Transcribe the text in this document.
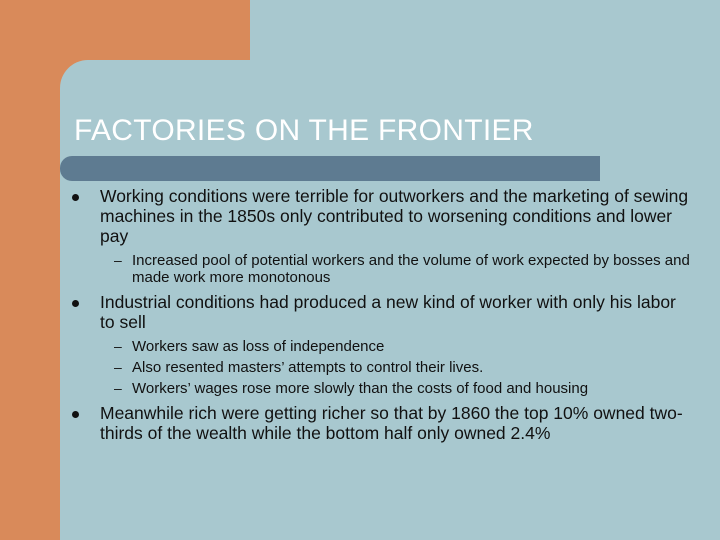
FACTORIES ON THE FRONTIER
Working conditions were terrible for outworkers and the marketing of sewing machines in the 1850s only contributed to worsening conditions and lower pay
– Increased pool of potential workers and the volume of work expected by bosses and made work more monotonous
Industrial conditions had produced a new kind of worker with only his labor to sell
– Workers saw as loss of independence
– Also resented masters’ attempts to control their lives.
– Workers’ wages rose more slowly than the costs of food and housing
Meanwhile rich were getting richer so that by 1860 the top 10% owned two-thirds of the wealth while the bottom half only owned 2.4%
